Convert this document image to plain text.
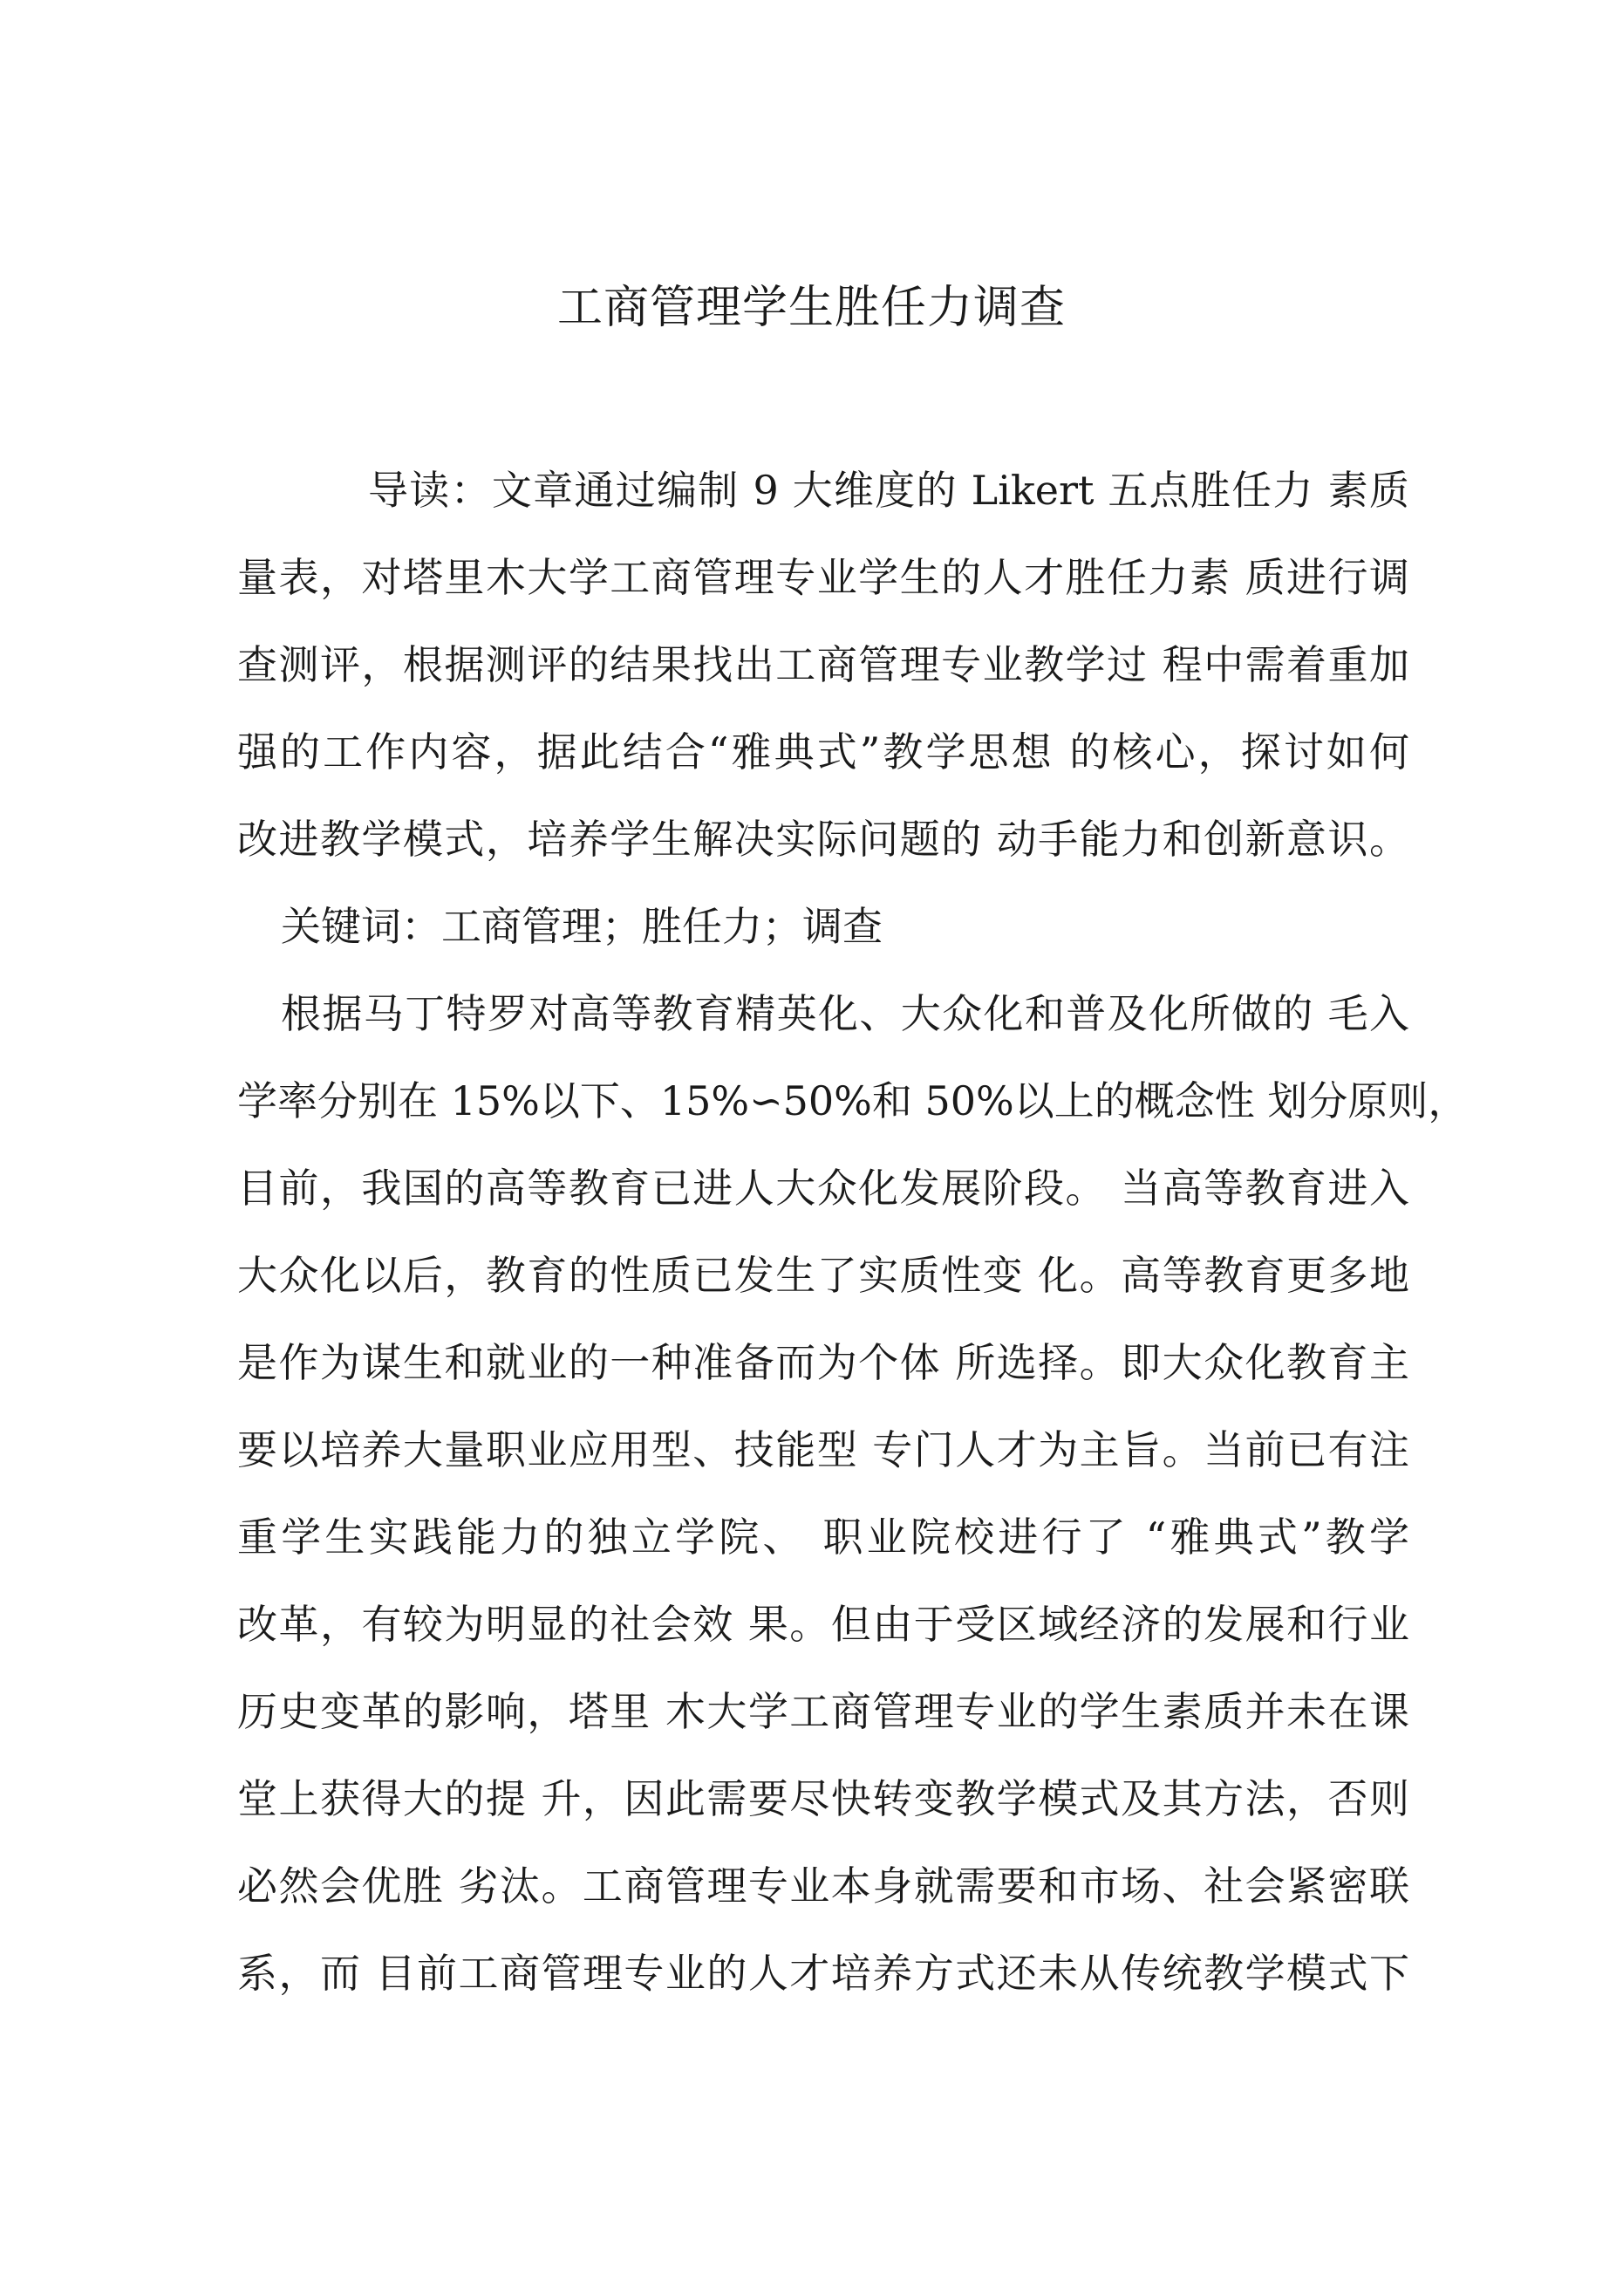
工商管理学生胜任力调查
导读：文章通过编制 9 大维度的 Likert 五点胜任力 素质
量表，对塔里木大学工商管理专业学生的人才胜任力素 质进行调
查测评，根据测评的结果找出工商管理专业教学过 程中需着重加
强的工作内容，据此结合“雅典式”教学思想 的核心，探讨如何
改进教学模式，培养学生解决实际问题的 动手能力和创新意识。
关键词：工商管理；胜任力；调查
根据马丁特罗对高等教育精英化、大众化和普及化所做的 毛入
学率分别在 15%以下、15%∽50%和 50%以上的概念性 划分原则，
目前，我国的高等教育已进人大众化发展阶段。 当高等教育进入
大众化以后，教育的性质已发生了实质性变 化。高等教育更多地
是作为谋生和就业的一种准备而为个体 所选择。即大众化教育主
要以培养大量职业应用型、技能型 专门人才为主旨。当前已有注
重学生实践能力的独立学院、 职业院校进行了 “雅典式”教学
改革，有较为明显的社会效 果。但由于受区域经济的发展和行业
历史变革的影响，塔里 木大学工商管理专业的学生素质并未在课
堂上获得大的提 升，因此需要尽快转变教学模式及其方法，否则
必然会优胜 劣汰。工商管理专业本身就需要和市场、社会紧密联
系，而 目前工商管理专业的人才培养方式还未从传统教学模式下
